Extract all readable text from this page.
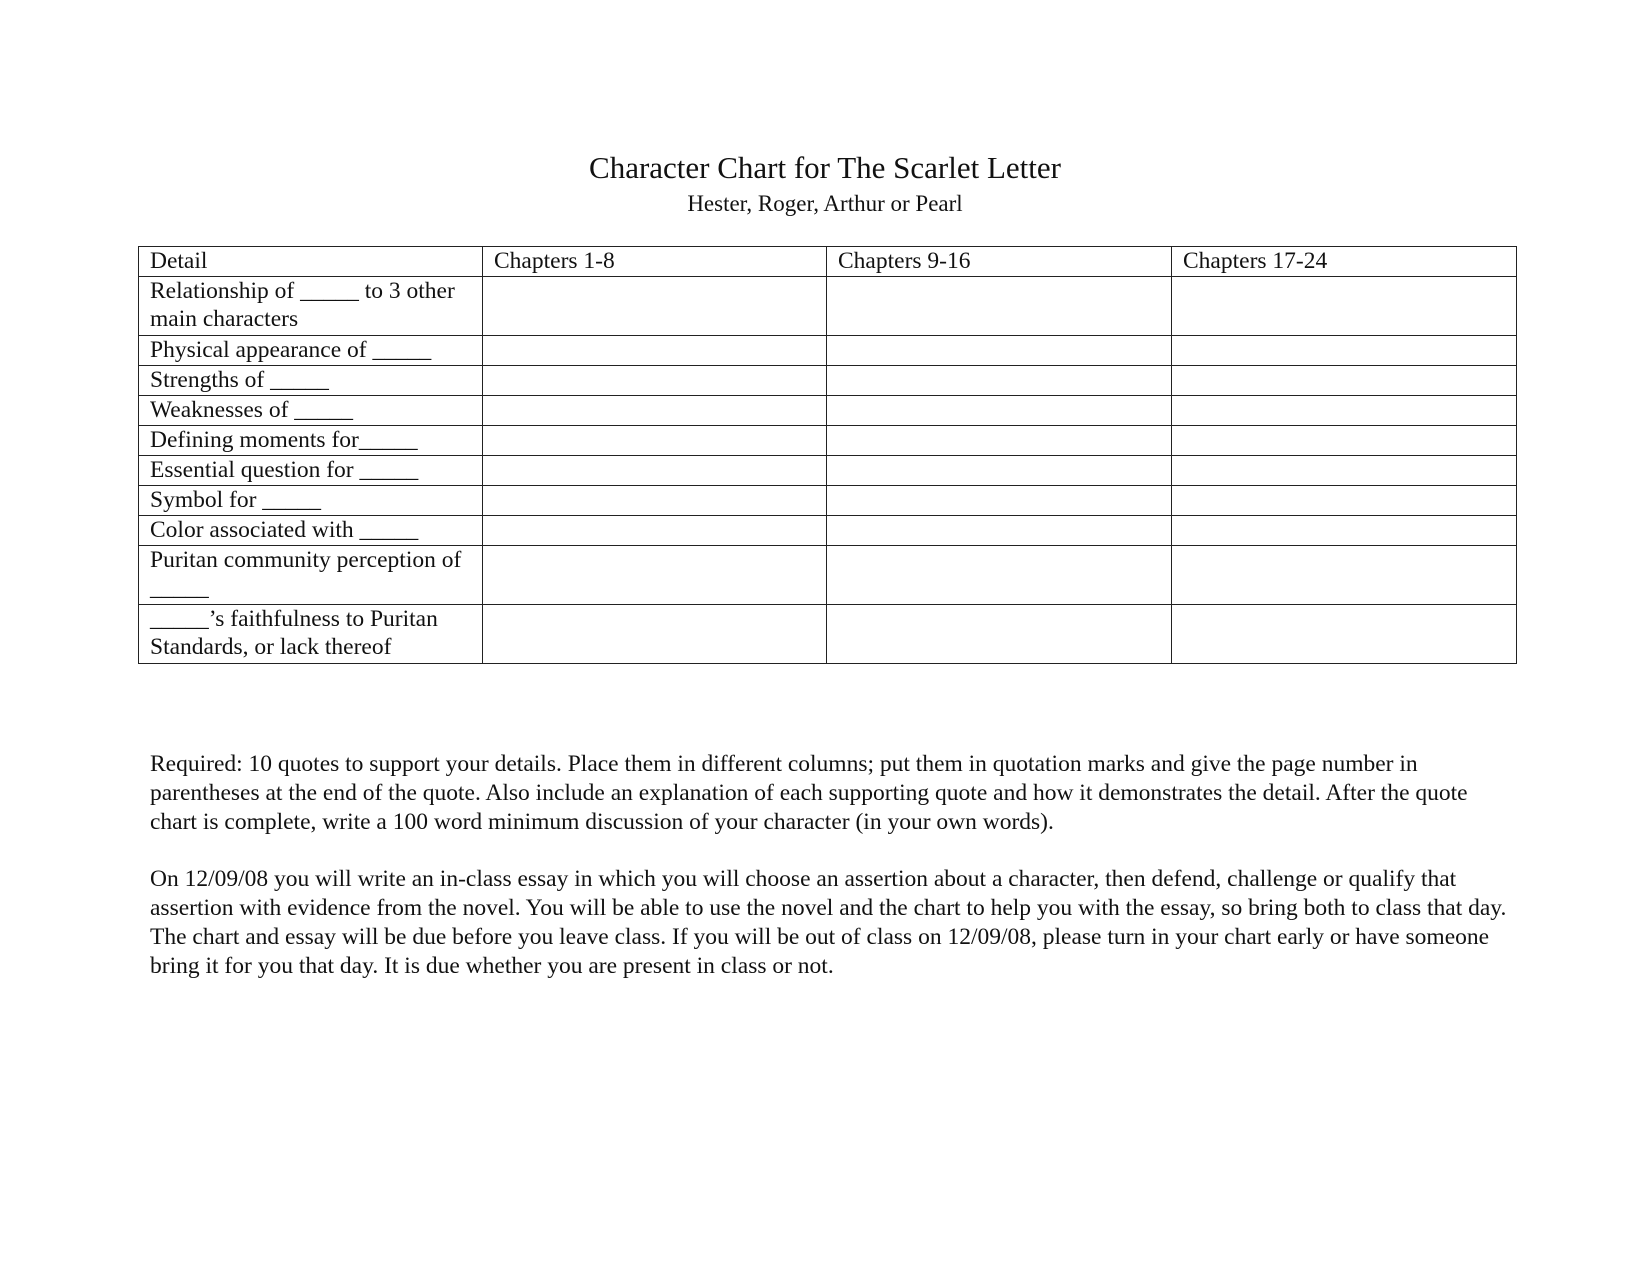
Character Chart for The Scarlet Letter
Hester, Roger, Arthur or Pearl
Detail	Chapters 1-8	Chapters 9-16	Chapters 17-24
Relationship of _____ to 3 other main characters			
Physical appearance of _____			
Strengths of _____			
Weaknesses of _____			
Defining moments for_____			
Essential question for _____			
Symbol for _____			
Color associated with _____			
Puritan community perception of _____			
_____’s faithfulness to Puritan Standards, or lack thereof			

Required: 10 quotes to support your details. Place them in different columns; put them in quotation marks and give the page number in parentheses at the end of the quote. Also include an explanation of each supporting quote and how it demonstrates the detail. After the quote chart is complete, write a 100 word minimum discussion of your character (in your own words).

On 12/09/08 you will write an in-class essay in which you will choose an assertion about a character, then defend, challenge or qualify that assertion with evidence from the novel. You will be able to use the novel and the chart to help you with the essay, so bring both to class that day. The chart and essay will be due before you leave class. If you will be out of class on 12/09/08, please turn in your chart early or have someone bring it for you that day. It is due whether you are present in class or not.
